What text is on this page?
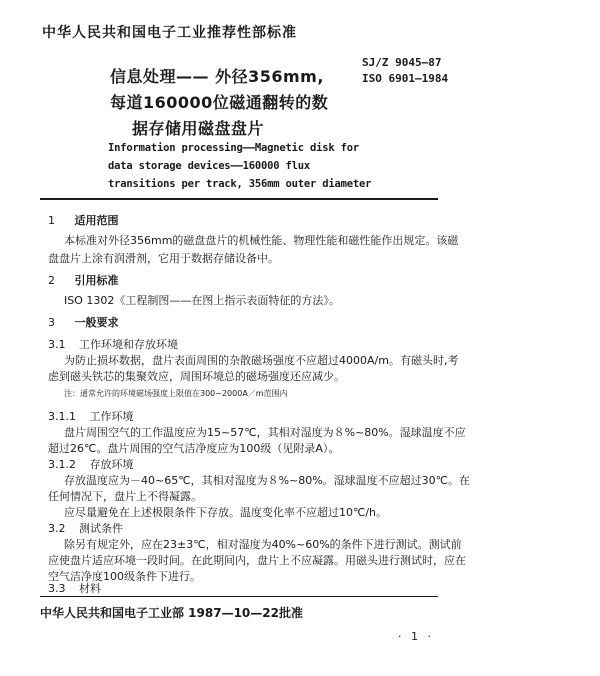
中华人民共和国电子工业推荐性部标准
SJ/Z 9045—87
ISO 6901—1984
信息处理—— 外径356mm,
每道160000位磁通翻转的数
据存储用磁盘盘片
Information processing——Magnetic disk for
data storage devices——160000 flux
transitions per track, 356mm outer diameter
1 适用范围
本标准对外径356mm的磁盘盘片的机械性能、物理性能和磁性能作出规定。该磁
盘盘片上涂有润滑剂，它用于数据存储设备中。
2 引用标准
ISO 1302《工程制图——在图上指示表面特征的方法》。
3 一般要求
3.1 工作环境和存放环境
为防止损坏数据，盘片表面周围的杂散磁场强度不应超过4000A/m。有磁头时,考
虑到磁头铁芯的集聚效应，周围环境总的磁场强度还应减少。
注：通常允许的环境磁场强度上限值在300~2000A／m范围内
3.1.1 工作环境
盘片周围空气的工作温度应为15~57℃，其相对湿度为８%~80%。湿球温度不应
超过26℃。盘片周围的空气洁净度应为100级（见附录A）。
3.1.2 存放环境
存放温度应为－40~65℃，其相对湿度为８%~80%。湿球温度不应超过30℃。在
任何情况下，盘片上不得凝露。
应尽量避免在上述极限条件下存放。温度变化率不应超过10℃/h。
3.2 测试条件
除另有规定外，应在23±3℃，相对湿度为40%~60%的条件下进行测试。测试前
应使盘片适应环境一段时间。在此期间内，盘片上不应凝露。用磁头进行测试时，应在
空气洁净度100级条件下进行。
3.3 材料
中华人民共和国电子工业部 1987—10—22批准
· 1 ·
